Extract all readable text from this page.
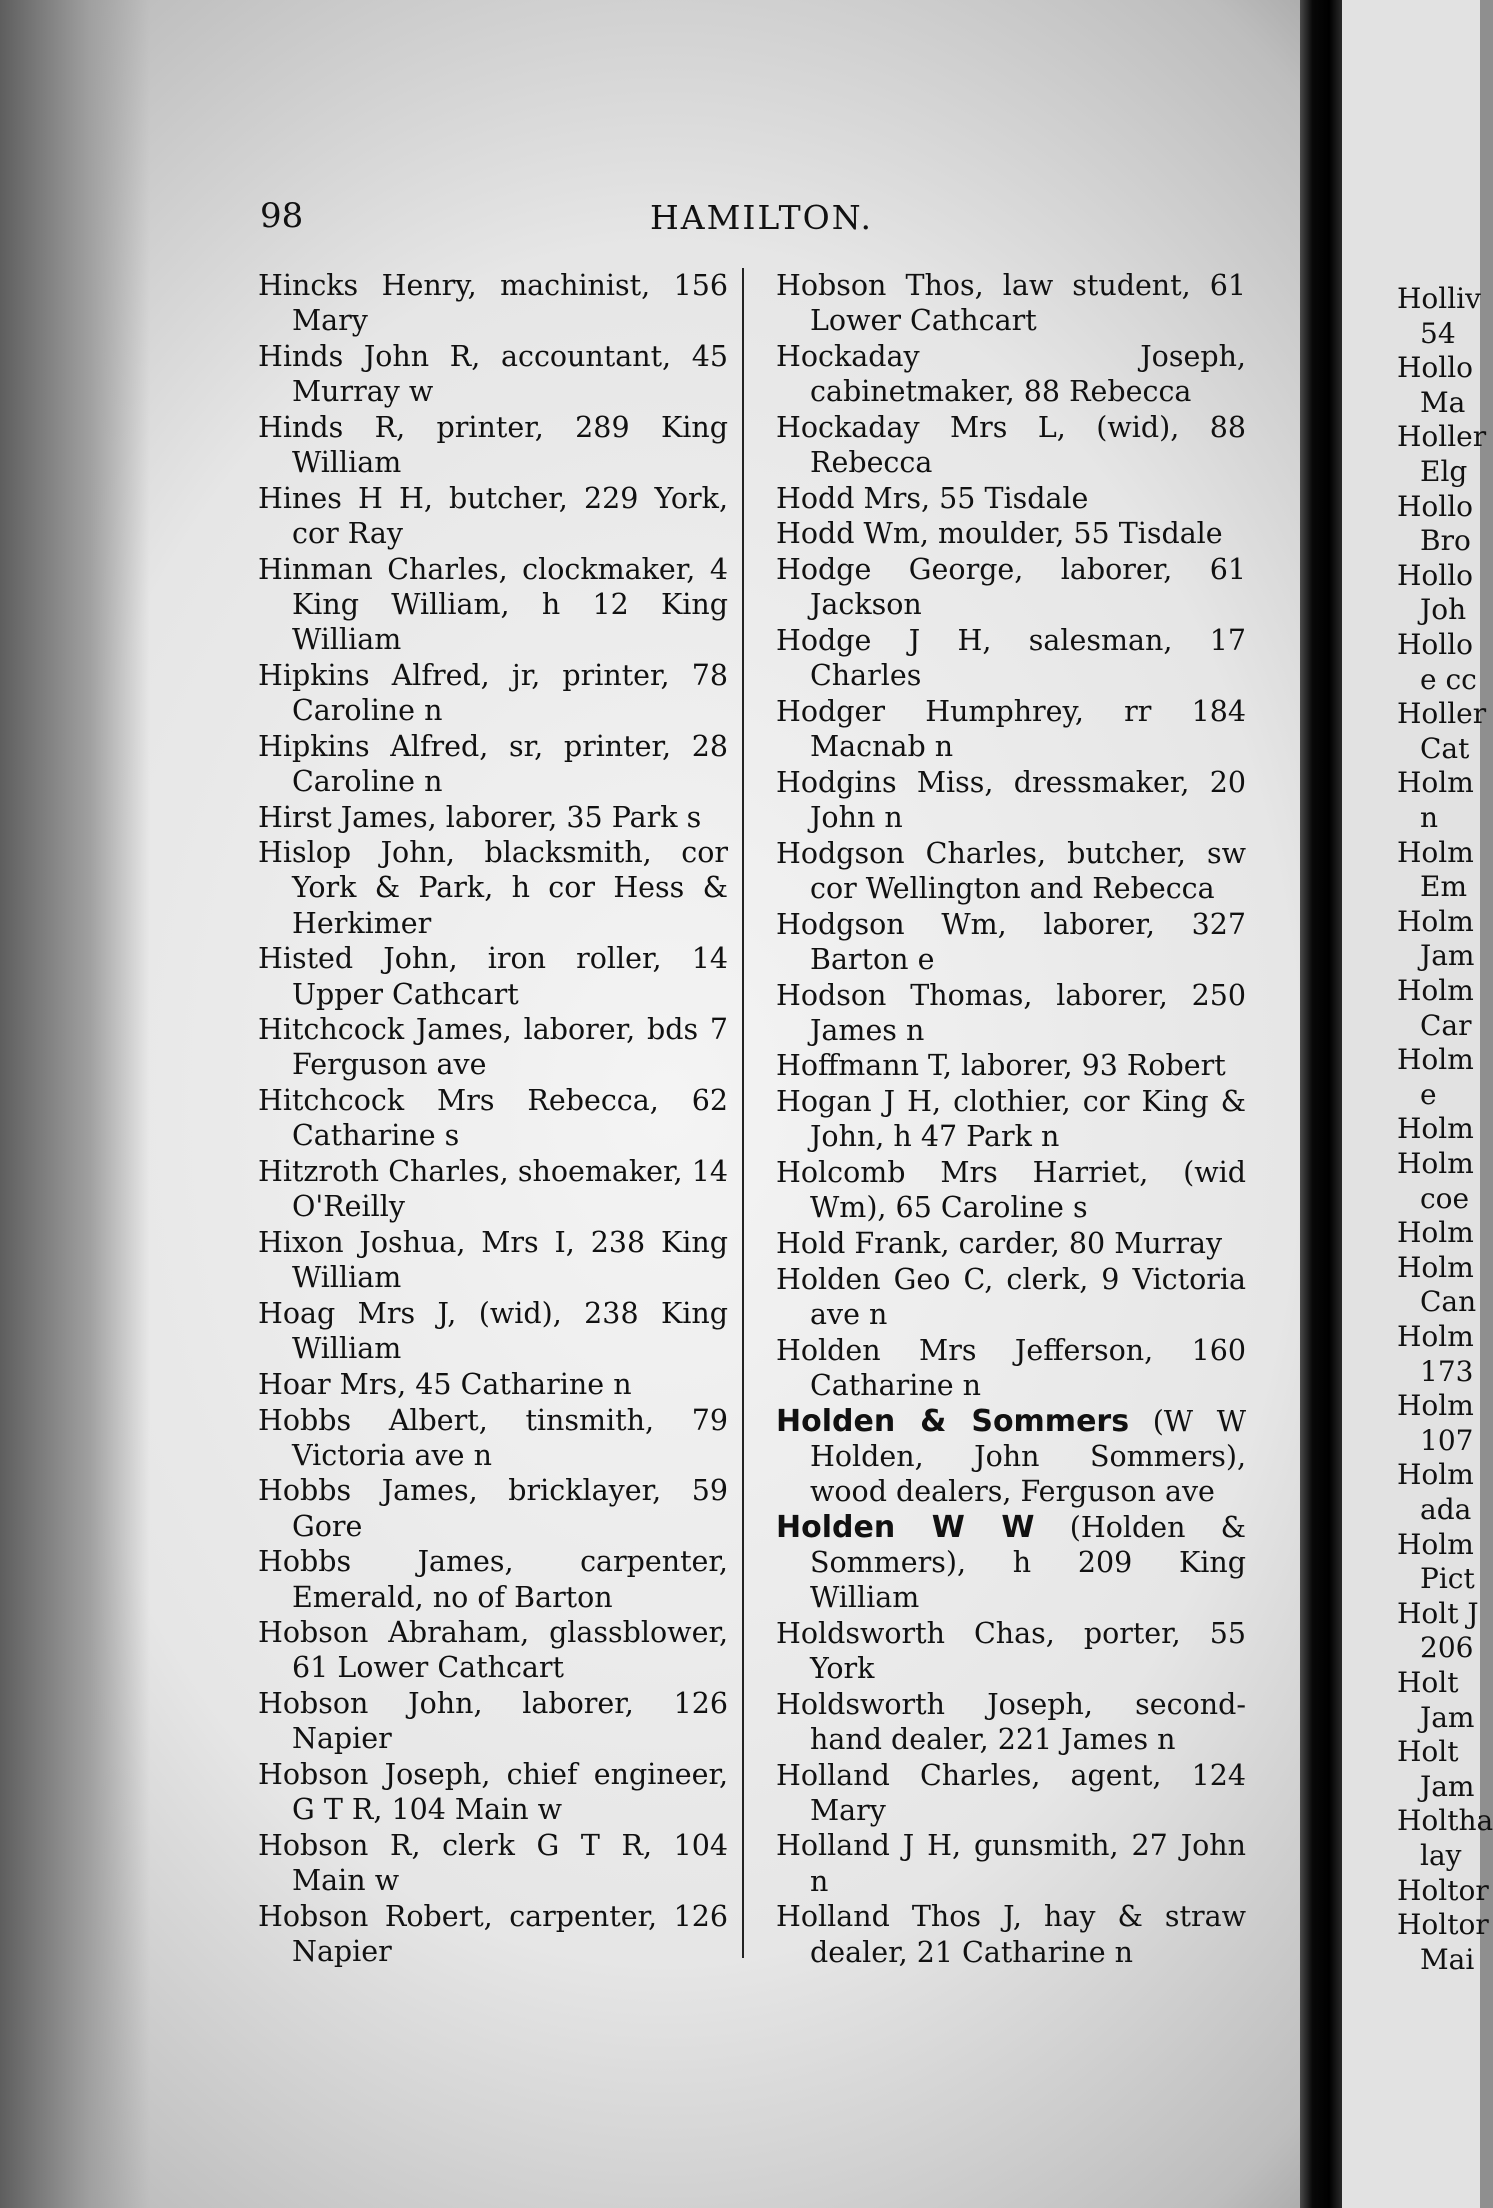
98	HAMILTON.

Hincks Henry, machinist, 156 Mary

Hinds John R, accountant, 45 Murray w

Hinds R, printer, 289 King William

Hines H H, butcher, 229 York, cor Ray

Hinman Charles, clockmaker, 4 King William, h 12 King William

Hipkins Alfred, jr, printer, 78 Caroline n

Hipkins Alfred, sr, printer, 28 Caroline n

Hirst James, laborer, 35 Park s

Hislop John, blacksmith, cor York & Park, h cor Hess & Herkimer

Histed John, iron roller, 14 Upper Cathcart

Hitchcock James, laborer, bds 7 Ferguson ave

Hitchcock Mrs Rebecca, 62 Catharine s

Hitzroth Charles, shoemaker, 14 O'Reilly

Hixon Joshua, Mrs I, 238 King William

Hoag Mrs J, (wid), 238 King William

Hoar Mrs, 45 Catharine n

Hobbs Albert, tinsmith, 79 Victoria ave n

Hobbs James, bricklayer, 59 Gore

Hobbs James, carpenter, Emerald, no of Barton

Hobson Abraham, glassblower, 61 Lower Cathcart

Hobson John, laborer, 126 Napier

Hobson Joseph, chief engineer, G T R, 104 Main w

Hobson R, clerk G T R, 104 Main w

Hobson Robert, carpenter, 126 Napier

Hobson Thos, law student, 61 Lower Cathcart

Hockaday Joseph, cabinetmaker, 88 Rebecca

Hockaday Mrs L, (wid), 88 Rebecca

Hodd Mrs, 55 Tisdale

Hodd Wm, moulder, 55 Tisdale

Hodge George, laborer, 61 Jackson

Hodge J H, salesman, 17 Charles

Hodger Humphrey, rr 184 Macnab n

Hodgins Miss, dressmaker, 20 John n

Hodgson Charles, butcher, sw cor Wellington and Rebecca

Hodgson Wm, laborer, 327 Barton e

Hodson Thomas, laborer, 250 James n

Hoffmann T, laborer, 93 Robert

Hogan J H, clothier, cor King & John, h 47 Park n

Holcomb Mrs Harriet, (wid Wm), 65 Caroline s

Hold Frank, carder, 80 Murray

Holden Geo C, clerk, 9 Victoria ave n

Holden Mrs Jefferson, 160 Catharine n

Holden & Sommers (W W Holden, John Sommers), wood dealers, Ferguson ave

Holden W W (Holden & Sommers), h 209 King William

Holdsworth Chas, porter, 55 York

Holdsworth Joseph, second-hand dealer, 221 James n

Holland Charles, agent, 124 Mary

Holland J H, gunsmith, 27 John n

Holland Thos J, hay & straw dealer, 21 Catharine n

Holliv
54
Hollo
Ma
Holler
Elg
Hollo
Bro
Hollo
Joh
Hollo
e cc
Holler
Cat
Holm
n
Holm
Em
Holm
Jam
Holm
Car
Holm
e
Holm
Holm
coe
Holm
Holm
Can
Holm
173
Holm
107
Holm
ada
Holm
Pict
Holt J
206
Holt
Jam
Holt
Jam
Holtha
lay
Holtor
Holtor
Mai
